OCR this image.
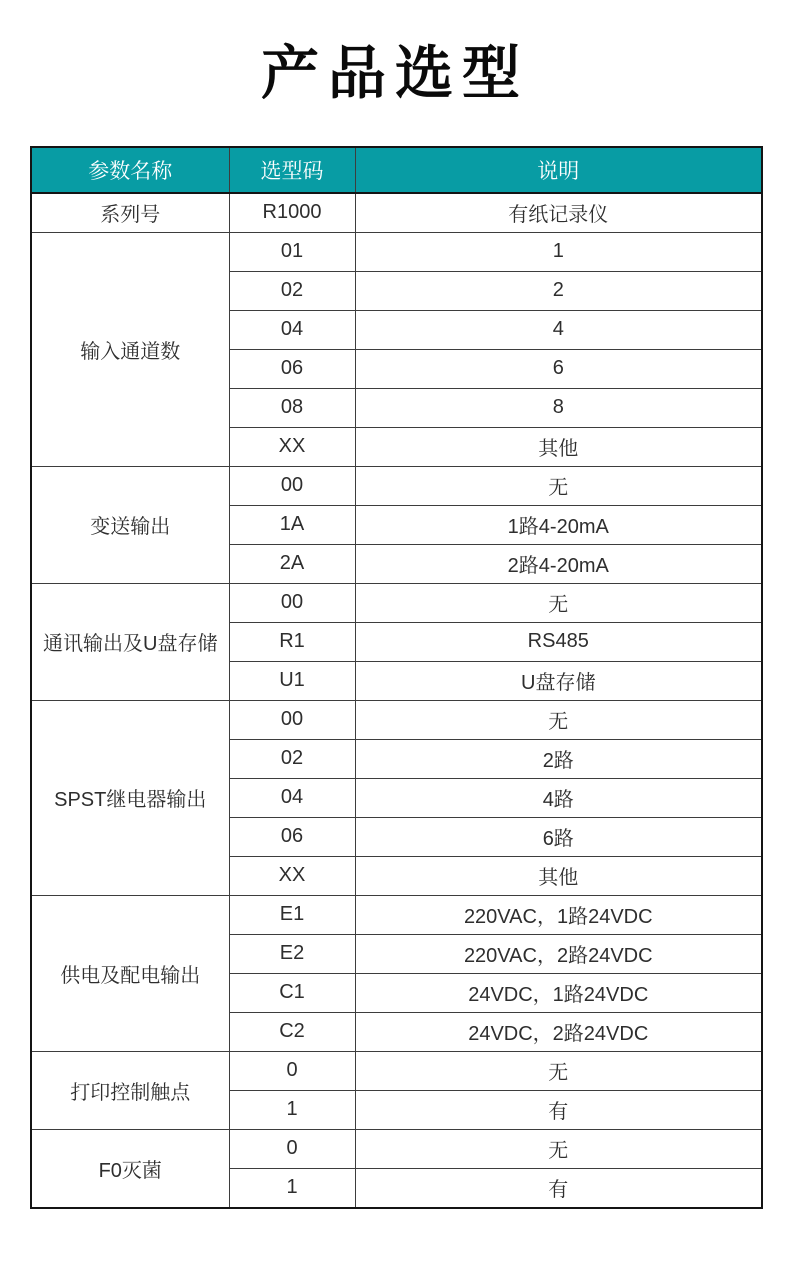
产品选型
参数名称	选型码	说明
系列号	R1000	有纸记录仪
输入通道数	01	1
	02	2
	04	4
	06	6
	08	8
	XX	其他
变送输出	00	无
	1A	1路4-20mA
	2A	2路4-20mA
通讯输出及U盘存储	00	无
	R1	RS485
	U1	U盘存储
SPST继电器输出	00	无
	02	2路
	04	4路
	06	6路
	XX	其他
供电及配电输出	E1	220VAC，1路24VDC
	E2	220VAC，2路24VDC
	C1	24VDC，1路24VDC
	C2	24VDC，2路24VDC
打印控制触点	0	无
	1	有
F0灭菌	0	无
	1	有
